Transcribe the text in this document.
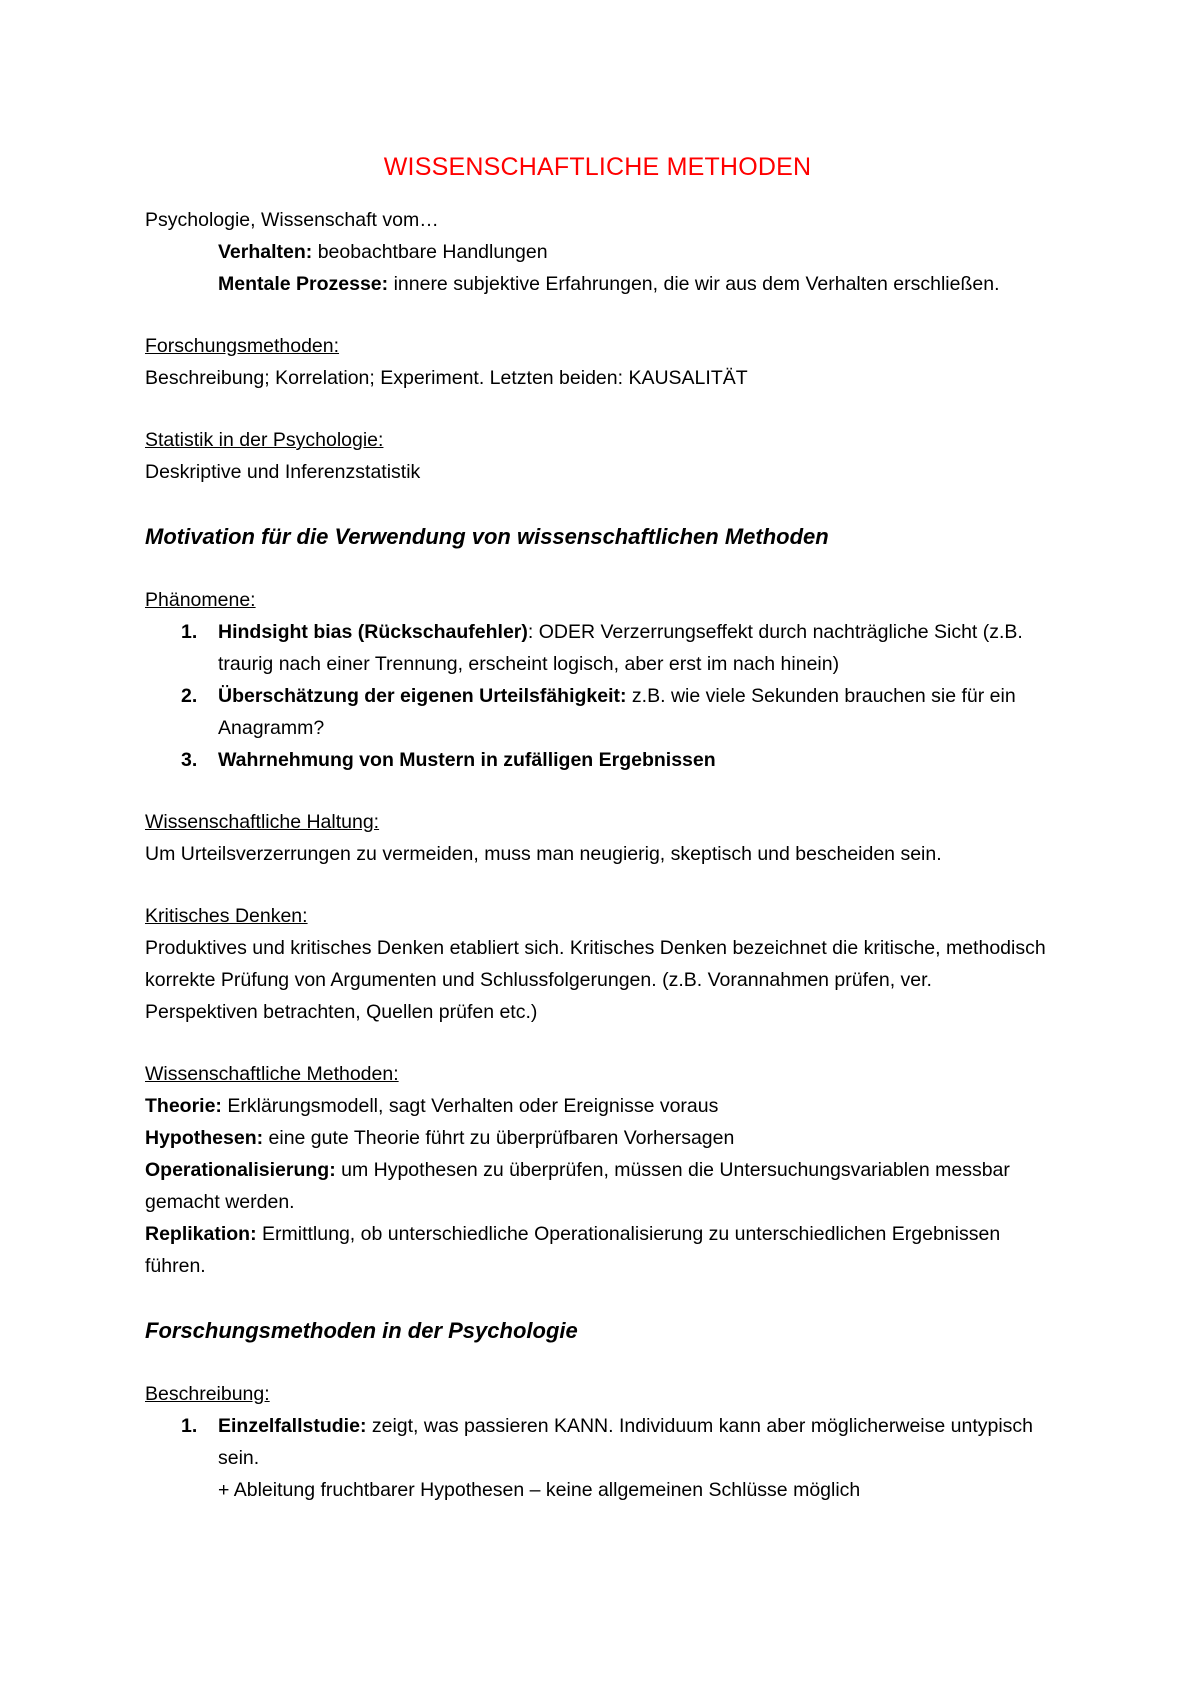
WISSENSCHAFTLICHE METHODEN

Psychologie, Wissenschaft vom…

Verhalten: beobachtbare Handlungen

Mentale Prozesse: innere subjektive Erfahrungen, die wir aus dem Verhalten erschließen.

Forschungsmethoden:

Beschreibung; Korrelation; Experiment. Letzten beiden: KAUSALITÄT

Statistik in der Psychologie:

Deskriptive und Inferenzstatistik

Motivation für die Verwendung von wissenschaftlichen Methoden

Phänomene:

1. Hindsight bias (Rückschaufehler): ODER Verzerrungseffekt durch nachträgliche Sicht (z.B. traurig nach einer Trennung, erscheint logisch, aber erst im nach hinein)
2. Überschätzung der eigenen Urteilsfähigkeit: z.B. wie viele Sekunden brauchen sie für ein Anagramm?
3. Wahrnehmung von Mustern in zufälligen Ergebnissen

Wissenschaftliche Haltung:

Um Urteilsverzerrungen zu vermeiden, muss man neugierig, skeptisch und bescheiden sein.

Kritisches Denken:

Produktives und kritisches Denken etabliert sich. Kritisches Denken bezeichnet die kritische, methodisch korrekte Prüfung von Argumenten und Schlussfolgerungen. (z.B. Vorannahmen prüfen, ver. Perspektiven betrachten, Quellen prüfen etc.)

Wissenschaftliche Methoden:

Theorie: Erklärungsmodell, sagt Verhalten oder Ereignisse voraus

Hypothesen: eine gute Theorie führt zu überprüfbaren Vorhersagen

Operationalisierung: um Hypothesen zu überprüfen, müssen die Untersuchungsvariablen messbar gemacht werden.

Replikation: Ermittlung, ob unterschiedliche Operationalisierung zu unterschiedlichen Ergebnissen führen.

Forschungsmethoden in der Psychologie

Beschreibung:

1. Einzelfallstudie: zeigt, was passieren KANN. Individuum kann aber möglicherweise untypisch sein.
+ Ableitung fruchtbarer Hypothesen – keine allgemeinen Schlüsse möglich
